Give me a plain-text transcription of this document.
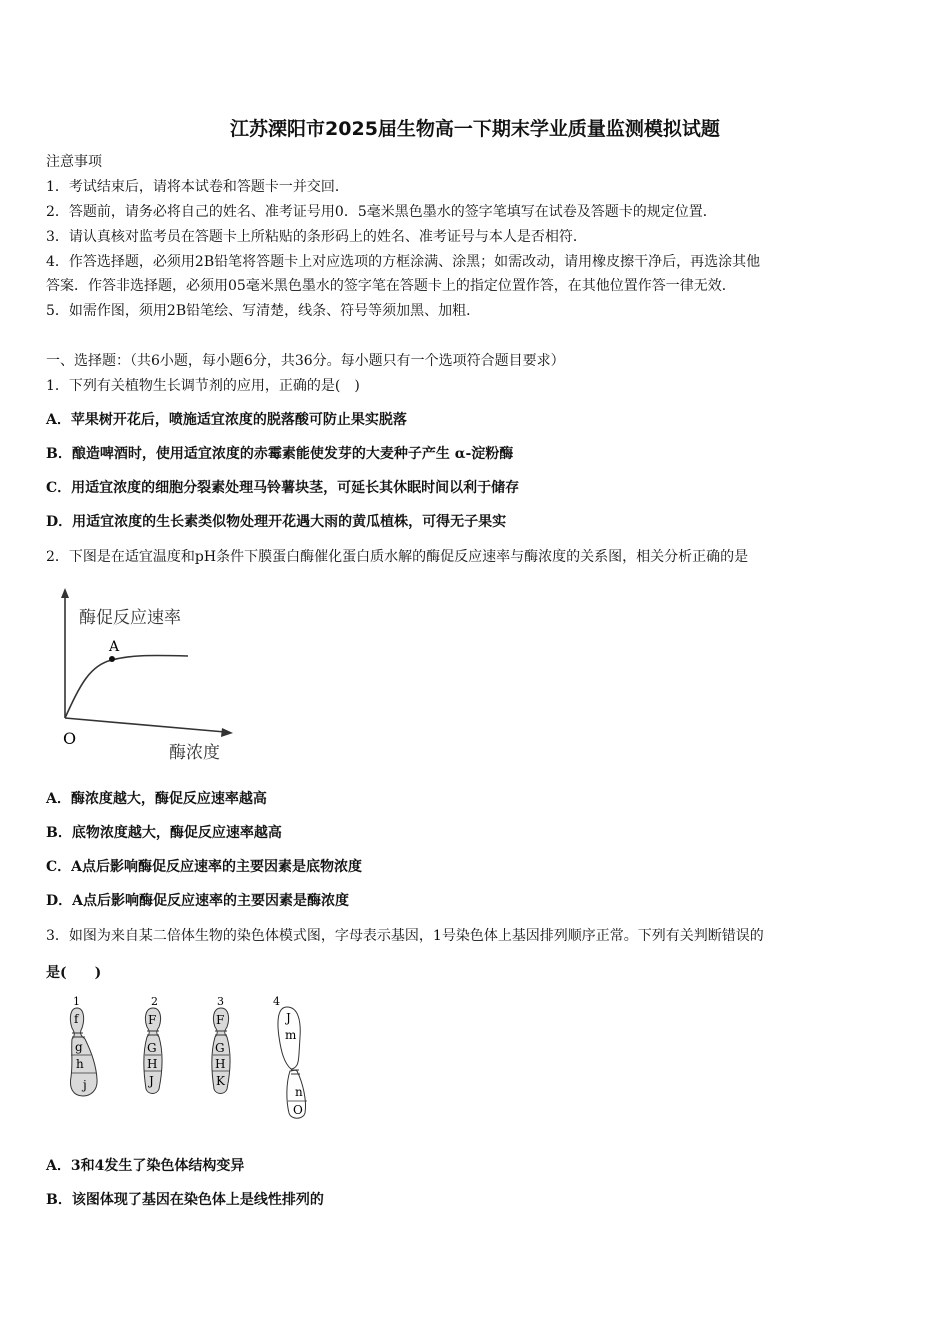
江苏溧阳市2025届生物高一下期末学业质量监测模拟试题
注意事项
1．考试结束后，请将本试卷和答题卡一并交回．
2．答题前，请务必将自己的姓名、准考证号用0．5毫米黑色墨水的签字笔填写在试卷及答题卡的规定位置．
3．请认真核对监考员在答题卡上所粘贴的条形码上的姓名、准考证号与本人是否相符．
4．作答选择题，必须用2B铅笔将答题卡上对应选项的方框涂满、涂黑；如需改动，请用橡皮擦干净后，再选涂其他
答案．作答非选择题，必须用05毫米黑色墨水的签字笔在答题卡上的指定位置作答，在其他位置作答一律无效．
5．如需作图，须用2B铅笔绘、写清楚，线条、符号等须加黑、加粗．
一、选择题：（共6小题，每小题6分，共36分。每小题只有一个选项符合题目要求）
1．下列有关植物生长调节剂的应用，正确的是(　)
A．苹果树开花后，喷施适宜浓度的脱落酸可防止果实脱落
B．酿造啤酒时，使用适宜浓度的赤霉素能使发芽的大麦种子产生 α-淀粉酶
C．用适宜浓度的细胞分裂素处理马铃薯块茎，可延长其休眠时间以利于储存
D．用适宜浓度的生长素类似物处理开花遇大雨的黄瓜植株，可得无子果实
2．下图是在适宜温度和pH条件下膜蛋白酶催化蛋白质水解的酶促反应速率与酶浓度的关系图，相关分析正确的是
A
酶促反应速率
O
酶浓度
A．酶浓度越大，酶促反应速率越高
B．底物浓度越大，酶促反应速率越高
C．A点后影响酶促反应速率的主要因素是底物浓度
D．A点后影响酶促反应速率的主要因素是酶浓度
3．如图为来自某二倍体生物的染色体模式图，字母表示基因，1号染色体上基因排列顺序正常。下列有关判断错误的
是(　　)
1
f
g
h
j
2
F
G
H
J
3
F
G
H
K
4
J
m
n
O
A．3和4发生了染色体结构变异
B．该图体现了基因在染色体上是线性排列的
